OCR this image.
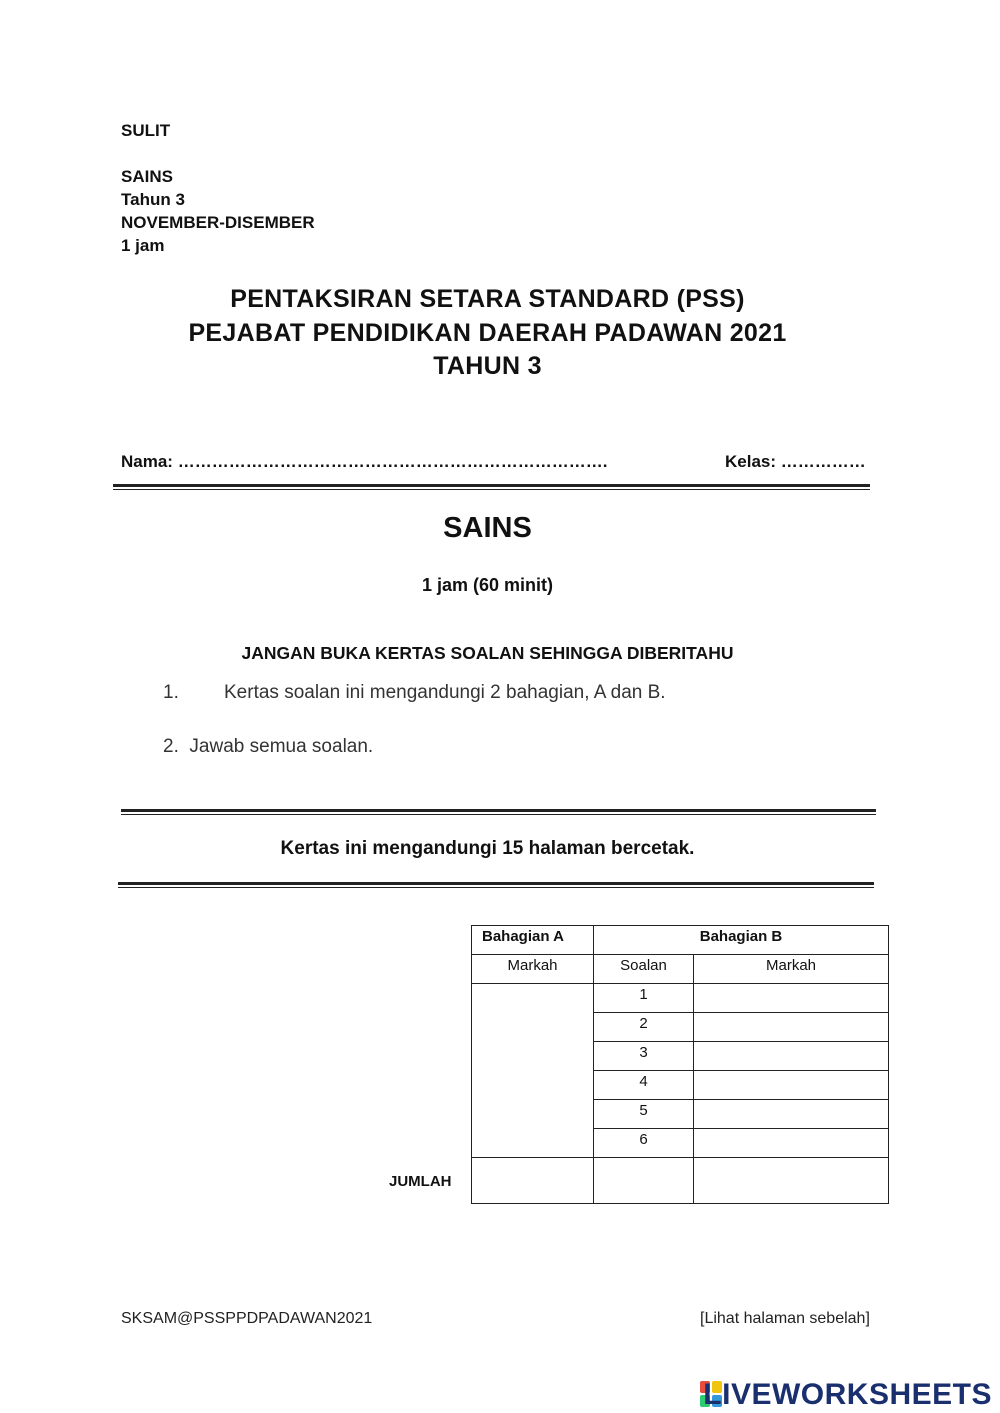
SULIT
SAINS
Tahun 3
NOVEMBER-DISEMBER
1 jam
PENTAKSIRAN SETARA STANDARD (PSS)
PEJABAT PENDIDIKAN DAERAH PADAWAN 2021
TAHUN 3
Nama: ………………………………………………………………….	Kelas: ……………
SAINS
1 jam (60 minit)
JANGAN BUKA KERTAS SOALAN SEHINGGA DIBERITAHU
1. Kertas soalan ini mengandungi 2 bahagian, A dan B.
2. Jawab semua soalan.
Kertas ini mengandungi 15 halaman bercetak.
Bahagian A	Bahagian B	
Markah	Soalan	Markah
	1	
	2	
	3	
	4	
	5	
	6	

JUMLAH
SKSAM@PSSPPDPADAWAN2021	[Lihat halaman sebelah]
LIVEWORKSHEETS
